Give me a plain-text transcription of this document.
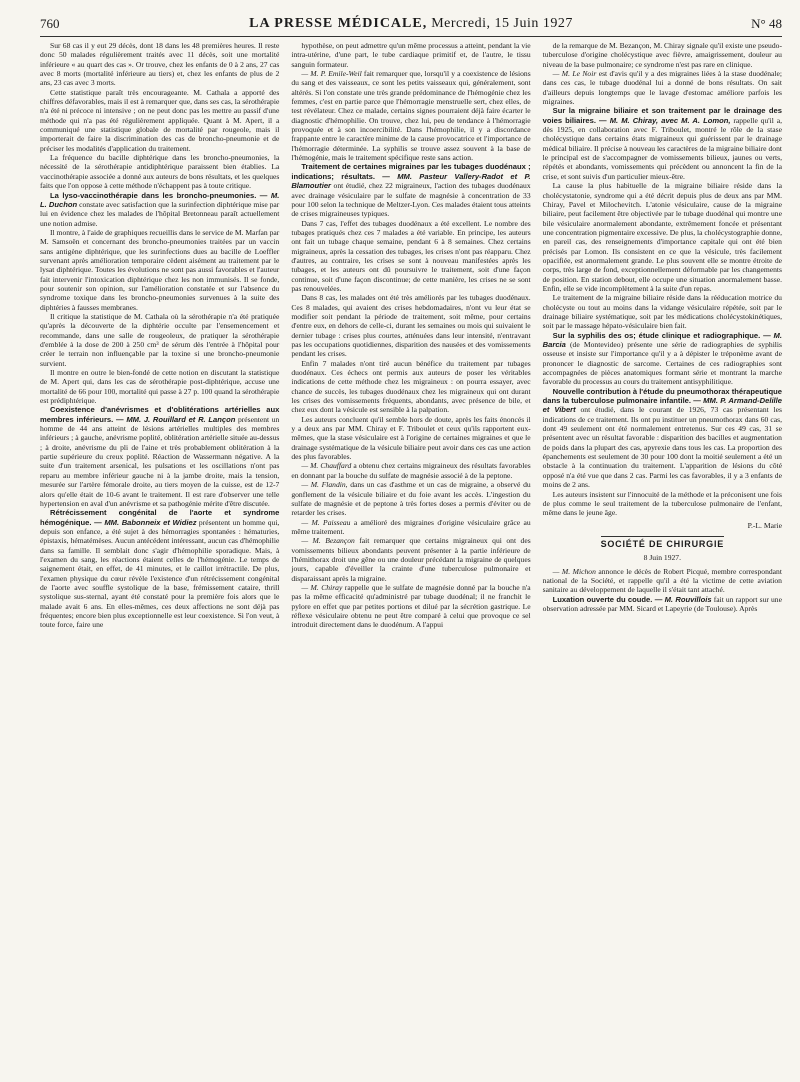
760	LA PRESSE MÉDICALE, Mercredi, 15 Juin 1927	N° 48

Sur 68 cas il y eut 29 décès, dont 18 dans les 48 premières heures. Il reste donc 50 malades régulièrement traités avec 11 décès, soit une mortalité inférieure « au quart des cas ». Or trouve, chez les enfants de 0 à 2 ans, 27 cas avec 8 morts (mortalité inférieure au tiers) et, chez les enfants de plus de 2 ans, 23 cas avec 3 morts.

Cette statistique paraît très encourageante. M. Cathala a apporté des chiffres défavorables, mais il est à remarquer que, dans ses cas, la sérothérapie n'a été ni précoce ni intensive ; on ne peut donc pas les mettre au passif d'une méthode qui n'a pas été régulièrement appliquée. Quant à M. Apert, il a communiqué une statistique globale de mortalité par rougeole, mais il importerait de faire la discrimination des cas de broncho-pneumonie et de préciser les modalités d'application du traitement.

La fréquence du bacille diphtérique dans les broncho-pneumonies, la nécessité de la sérothérapie antidiphtérique paraissent bien établies. La vaccinothérapie associée a donné aux auteurs de bons résultats, et les quelques faits que l'on oppose à cette méthode n'échappent pas à toute critique.

La lyso-vaccinothérapie dans les broncho-pneumonies. — M. L. Duchon constate avec satisfaction que la surinfection diphtérique mise par lui en évidence chez les malades de l'hôpital Bretonneau paraît actuellement une notion admise.

Il montre, à l'aide de graphiques recueillis dans le service de M. Marfan par M. Samsoën et concernant des broncho-pneumonies traitées par un vaccin sans antigène diphtérique, que les surinfections dues au bacille de Loeffler survenant après amélioration temporaire cèdent aisément au traitement par le lysat diphtérique. Toutes les évolutions ne sont pas aussi favorables et l'auteur fait intervenir l'intoxication diphtérique chez les non immunisés. Il se fonde, pour soutenir son opinion, sur l'amélioration constatée et sur l'absence du syndrome toxique dans les broncho-pneumonies survenues à la suite des diphtéries à fausses membranes.

Il critique la statistique de M. Cathala où la sérothérapie n'a été pratiquée qu'après la découverte de la diphtérie occulte par l'ensemencement et recommande, dans une salle de rougeoleux, de pratiquer la sérothérapie d'emblée à la dose de 200 à 250 cm³ de sérum dès l'entrée à l'hôpital pour créer le terrain non influençable par la toxine si une broncho-pneumonie survient.

Il montre en outre le bien-fondé de cette notion en discutant la statistique de M. Apert qui, dans les cas de sérothérapie post-diphtérique, accuse une mortalité de 66 pour 100, mortalité qui passe à 27 p. 100 quand la sérothérapie est prédiphtérique.

Coexistence d'anévrismes et d'oblitérations artérielles aux membres inférieurs. — MM. J. Rouillard et R. Lançon présentent un homme de 44 ans atteint de lésions artérielles multiples des membres inférieurs ; à gauche, anévrisme poplité, oblitération artérielle située au-dessus ; à droite, anévrisme du pli de l'aine et très probablement oblitération à la partie supérieure du creux poplité. Réaction de Wassermann négative. A la suite d'un traitement arsenical, les pulsations et les oscillations n'ont pas reparu au membre inférieur gauche ni à la jambe droite, mais la tension, mesurée sur l'artère fémorale droite, au tiers moyen de la cuisse, est de 12-7 alors qu'elle était de 10-6 avant le traitement. Il est rare d'observer une telle hypertension en aval d'un anévrisme et sa pathogénie mérite d'être discutée.

Rétrécissement congénital de l'aorte et syndrome hémogénique. — MM. Babonneix et Widiez présentent un homme qui, depuis son enfance, a été sujet à des hémorragies spontanées : hématuries, épistaxis, hématémèses. Aucun antécédent intéressant, aucun cas d'hémophilie dans sa famille. Il semblait donc s'agir d'hémophilie sporadique. Mais, à l'examen du sang, les réactions étaient celles de l'hémogénie. Le temps de saignement était, en effet, de 41 minutes, et le caillot irrétractile. De plus, l'examen physique du cœur révèle l'existence d'un rétrécissement congénital de l'aorte avec souffle systolique de la base, frémissement cataire, thrill systolique sus-sternal, ayant été constaté pour la première fois alors que le malade avait 6 ans. En elles-mêmes, ces deux affections ne sont déjà pas fréquentes; encore bien plus exceptionnelle est leur coexistence. Si l'on veut, à toute force, faire une

hypothèse, on peut admettre qu'un même processus a atteint, pendant la vie intra-utérine, d'une part, le tube cardiaque primitif et, de l'autre, le tissu sanguin formateur.

— M. P. Emile-Weil fait remarquer que, lorsqu'il y a coexistence de lésions du sang et des vaisseaux, ce sont les petits vaisseaux qui, généralement, sont altérés. Si l'on constate une très grande prédominance de l'hémogénie chez les femmes, c'est en partie parce que l'hémorragie menstruelle sert, chez elles, de test révélateur. Chez ce malade, certains signes pourraient déjà faire écarter le diagnostic d'hémophilie. On trouve, chez lui, peu de tendance à l'hémorragie provoquée et à son incoercibilité. Dans l'hémophilie, il y a discordance frappante entre le caractère minime de la cause provocatrice et l'importance de l'hémorragie déterminée. La syphilis se trouve assez souvent à la base de l'hémogénie, mais le traitement spécifique reste sans action.

Traitement de certaines migraines par les tubages duodénaux ; indications; résultats. — MM. Pasteur Vallery-Radot et P. Blamoutier ont étudié, chez 22 migraineux, l'action des tubages duodénaux avec drainage vésiculaire par le sulfate de magnésie à concentration de 33 pour 100 selon la technique de Meltzer-Lyon. Ces malades étaient tous atteints de crises migraineuses typiques.

Dans 7 cas, l'effet des tubages duodénaux a été excellent. Le nombre des tubages pratiqués chez ces 7 malades a été variable. En principe, les auteurs ont fait un tubage chaque semaine, pendant 6 à 8 semaines. Chez certains migraineux, après la cessation des tubages, les crises n'ont pas réapparu. Chez d'autres, au contraire, les crises se sont à nouveau manifestées après les tubages, et les auteurs ont dû poursuivre le traitement, soit d'une façon continue, soit d'une façon discontinue; de cette manière, les crises ne se sont pas renouvelées.

Dans 8 cas, les malades ont été très améliorés par les tubages duodénaux. Ces 8 malades, qui avaient des crises hebdomadaires, n'ont vu leur état se modifier soit pendant la période de traitement, soit même, pour certains d'entre eux, en dehors de celle-ci, durant les semaines ou mois qui suivaient le dernier tubage : crises plus courtes, atténuées dans leur intensité, n'entravant pas les occupations quotidiennes, disparition des nausées et des vomissements pendant les crises.

Enfin 7 malades n'ont tiré aucun bénéfice du traitement par tubages duodénaux. Ces échecs ont permis aux auteurs de poser les véritables indications de cette méthode chez les migraineux : on pourra essayer, avec chance de succès, les tubages duodénaux chez les migraineux qui ont durant les crises des vomissements fréquents, abondants, avec présence de bile, et chez eux dont la vésicule est sensible à la palpation.

Les auteurs concluent qu'il semble hors de doute, après les faits énoncés il y a deux ans par MM. Chiray et F. Triboulet et ceux qu'ils rapportent eux-mêmes, que la stase vésiculaire est à l'origine de certaines migraines et que le drainage systématique de la vésicule biliaire peut avoir dans ces cas une action des plus favorables.

— M. Chauffard a obtenu chez certains migraineux des résultats favorables en donnant par la bouche du sulfate de magnésie associé à de la peptone.

— M. Flandin, dans un cas d'asthme et un cas de migraine, a observé du gonflement de la vésicule biliaire et du foie avant les accès. L'ingestion du sulfate de magnésie et de peptone à très fortes doses a permis d'éviter ou de retarder les crises.

— M. Paisseau a amélioré des migraines d'origine vésiculaire grâce au même traitement.

— M. Bezançon fait remarquer que certains migraineux qui ont des vomissements bilieux abondants peuvent présenter à la partie inférieure de l'hémithorax droit une gêne ou une douleur précédant la migraine de quelques jours, capable d'éveiller la crainte d'une tuberculose pulmonaire et disparaissant après la migraine.

— M. Chiray rappelle que le sulfate de magnésie donné par la bouche n'a pas la même efficacité qu'administré par tubage duodénal; il ne franchit le pylore en effet que par petites portions et dilué par la sécrétion gastrique. Le réflexe vésiculaire obtenu ne peut être comparé à celui que provoque ce sel introduit directement dans le duodénum. A l'appui

de la remarque de M. Bezançon, M. Chiray signale qu'il existe une pseudo-tuberculose d'origine cholécystique avec fièvre, amaigrissement, douleur au niveau de la base pulmonaire; ce syndrome n'est pas rare en clinique.

— M. Le Noir est d'avis qu'il y a des migraines liées à la stase duodénale; dans ces cas, le tubage duodénal lui a donné de bons résultats. On sait d'ailleurs depuis longtemps que le lavage d'estomac améliore parfois les migraines.

Sur la migraine biliaire et son traitement par le drainage des voies biliaires. — M. M. Chiray, avec M. A. Lomon, rappelle qu'il a, dès 1925, en collaboration avec F. Triboulet, montré le rôle de la stase cholécystique dans certains états migraineux qui guérissent par le drainage médical biliaire. Il précise à nouveau les caractères de la migraine biliaire dont le principal est de s'accompagner de vomissements bilieux, jaunes ou verts, répétés et abondants, vomissements qui précèdent ou annoncent la fin de la crise, et sont suivis d'un particulier mieux-être.

La cause la plus habituelle de la migraine biliaire réside dans la cholécystatonie, syndrome qui a été décrit depuis plus de deux ans par MM. Chiray, Pavel et Milochevitch. L'atonie vésiculaire, cause de la migraine biliaire, peut facilement être objectivée par le tubage duodénal qui montre une bile vésiculaire anormalement abondante, extrêmement foncée et présentant une concentration pigmentaire excessive. De plus, la cholécystographie donne, en pareil cas, des renseignements d'importance capitale qui ont été bien précisés par Lomon. Ils consistent en ce que la vésicule, très facilement opacifiée, est anormalement grande. Le plus souvent elle se montre étroite de corps, très large de fond, exceptionnellement déformable par les changements de position. En station debout, elle occupe une situation anormalement basse. Enfin, elle se vide incomplètement à la suite d'un repas.

Le traitement de la migraine biliaire réside dans la rééducation motrice du cholécyste ou tout au moins dans la vidange vésiculaire répétée, soit par le drainage biliaire systématique, soit par les médications cholécystokinétiques, soit par le massage hépato-vésiculaire bien fait.

Sur la syphilis des os; étude clinique et radiographique. — M. Barcia (de Montevideo) présente une série de radiographies de syphilis osseuse et insiste sur l'importance qu'il y a à dépister le tréponème avant de prononcer le diagnostic de sarcome. Certaines de ces radiographies sont accompagnées de pièces anatomiques formant série et montrant la marche favorable du processus au cours du traitement antisyphilitique.

Nouvelle contribution à l'étude du pneumothorax thérapeutique dans la tuberculose pulmonaire infantile. — MM. P. Armand-Delille et Vibert ont étudié, dans le courant de 1926, 73 cas présentant les indications de ce traitement. Ils ont pu instituer un pneumothorax dans 60 cas, dont 49 seulement ont été normalement entretenus. Sur ces 49 cas, 31 se présentent avec un résultat favorable : disparition des bacilles et augmentation de poids dans la plupart des cas, apyrexie dans tous les cas. La proportion des épanchements est seulement de 30 pour 100 dont la moitié seulement a été un obstacle à la continuation du traitement. L'apparition de lésions du côté opposé n'a été vue que dans 2 cas. Parmi les cas favorables, il y a 3 enfants de moins de 2 ans.

Les auteurs insistent sur l'innocuité de la méthode et la préconisent une fois de plus comme le seul traitement de la tuberculose pulmonaire de l'enfant, même dans le jeune âge.

P.-L. Marie
SOCIÉTÉ DE CHIRURGIE
8 Juin 1927.

— M. Michon annonce le décès de Robert Picqué, membre correspondant national de la Société, et rappelle qu'il a été la victime de cette aviation sanitaire au développement de laquelle il s'était tant attaché.

Luxation ouverte du coude. — M. Rouvillois fait un rapport sur une observation adressée par MM. Sicard et Lapeyrie (de Toulouse). Après
